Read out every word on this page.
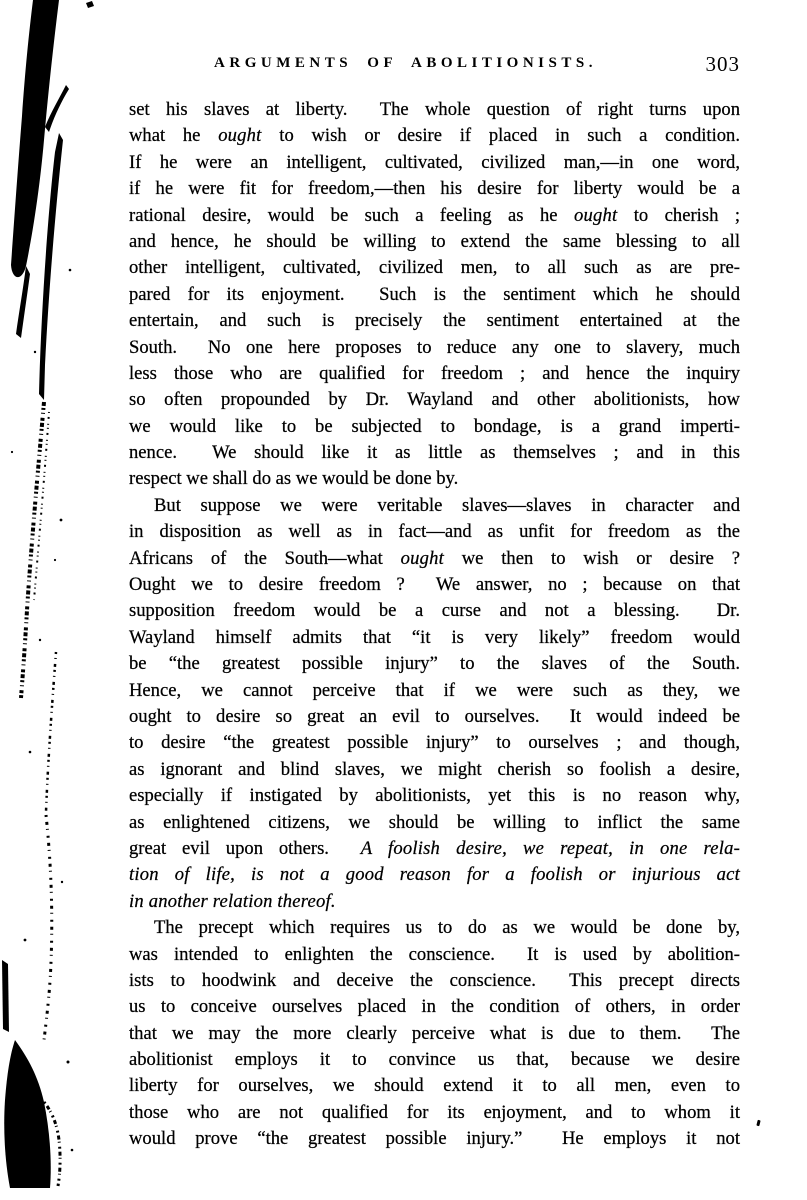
ARGUMENTS OF ABOLITIONISTS.	303
set his slaves at liberty.  The whole question of right turns upon
what he ought to wish or desire if placed in such a condition.
If he were an intelligent, cultivated, civilized man,—in one word,
if he were fit for freedom,—then his desire for liberty would be a
rational desire, would be such a feeling as he ought to cherish ;
and hence, he should be willing to extend the same blessing to all
other intelligent, cultivated, civilized men, to all such as are pre-
pared for its enjoyment.  Such is the sentiment which he should
entertain, and such is precisely the sentiment entertained at the
South.  No one here proposes to reduce any one to slavery, much
less those who are qualified for freedom ; and hence the inquiry
so often propounded by Dr. Wayland and other abolitionists, how
we would like to be subjected to bondage, is a grand imperti-
nence.  We should like it as little as themselves ; and in this
respect we shall do as we would be done by.
But suppose we were veritable slaves—slaves in character and
in disposition as well as in fact—and as unfit for freedom as the
Africans of the South—what ought we then to wish or desire ?
Ought we to desire freedom ?  We answer, no ; because on that
supposition freedom would be a curse and not a blessing.  Dr.
Wayland himself admits that “it is very likely” freedom would
be “the greatest possible injury” to the slaves of the South.
Hence, we cannot perceive that if we were such as they, we
ought to desire so great an evil to ourselves.  It would indeed be
to desire “the greatest possible injury” to ourselves ; and though,
as ignorant and blind slaves, we might cherish so foolish a desire,
especially if instigated by abolitionists, yet this is no reason why,
as enlightened citizens, we should be willing to inflict the same
great evil upon others.  A foolish desire, we repeat, in one rela-
tion of life, is not a good reason for a foolish or injurious act
in another relation thereof.
The precept which requires us to do as we would be done by,
was intended to enlighten the conscience.  It is used by abolition-
ists to hoodwink and deceive the conscience.  This precept directs
us to conceive ourselves placed in the condition of others, in order
that we may the more clearly perceive what is due to them.  The
abolitionist employs it to convince us that, because we desire
liberty for ourselves, we should extend it to all men, even to
those who are not qualified for its enjoyment, and to whom it
would prove “the greatest possible injury.”  He employs it not
